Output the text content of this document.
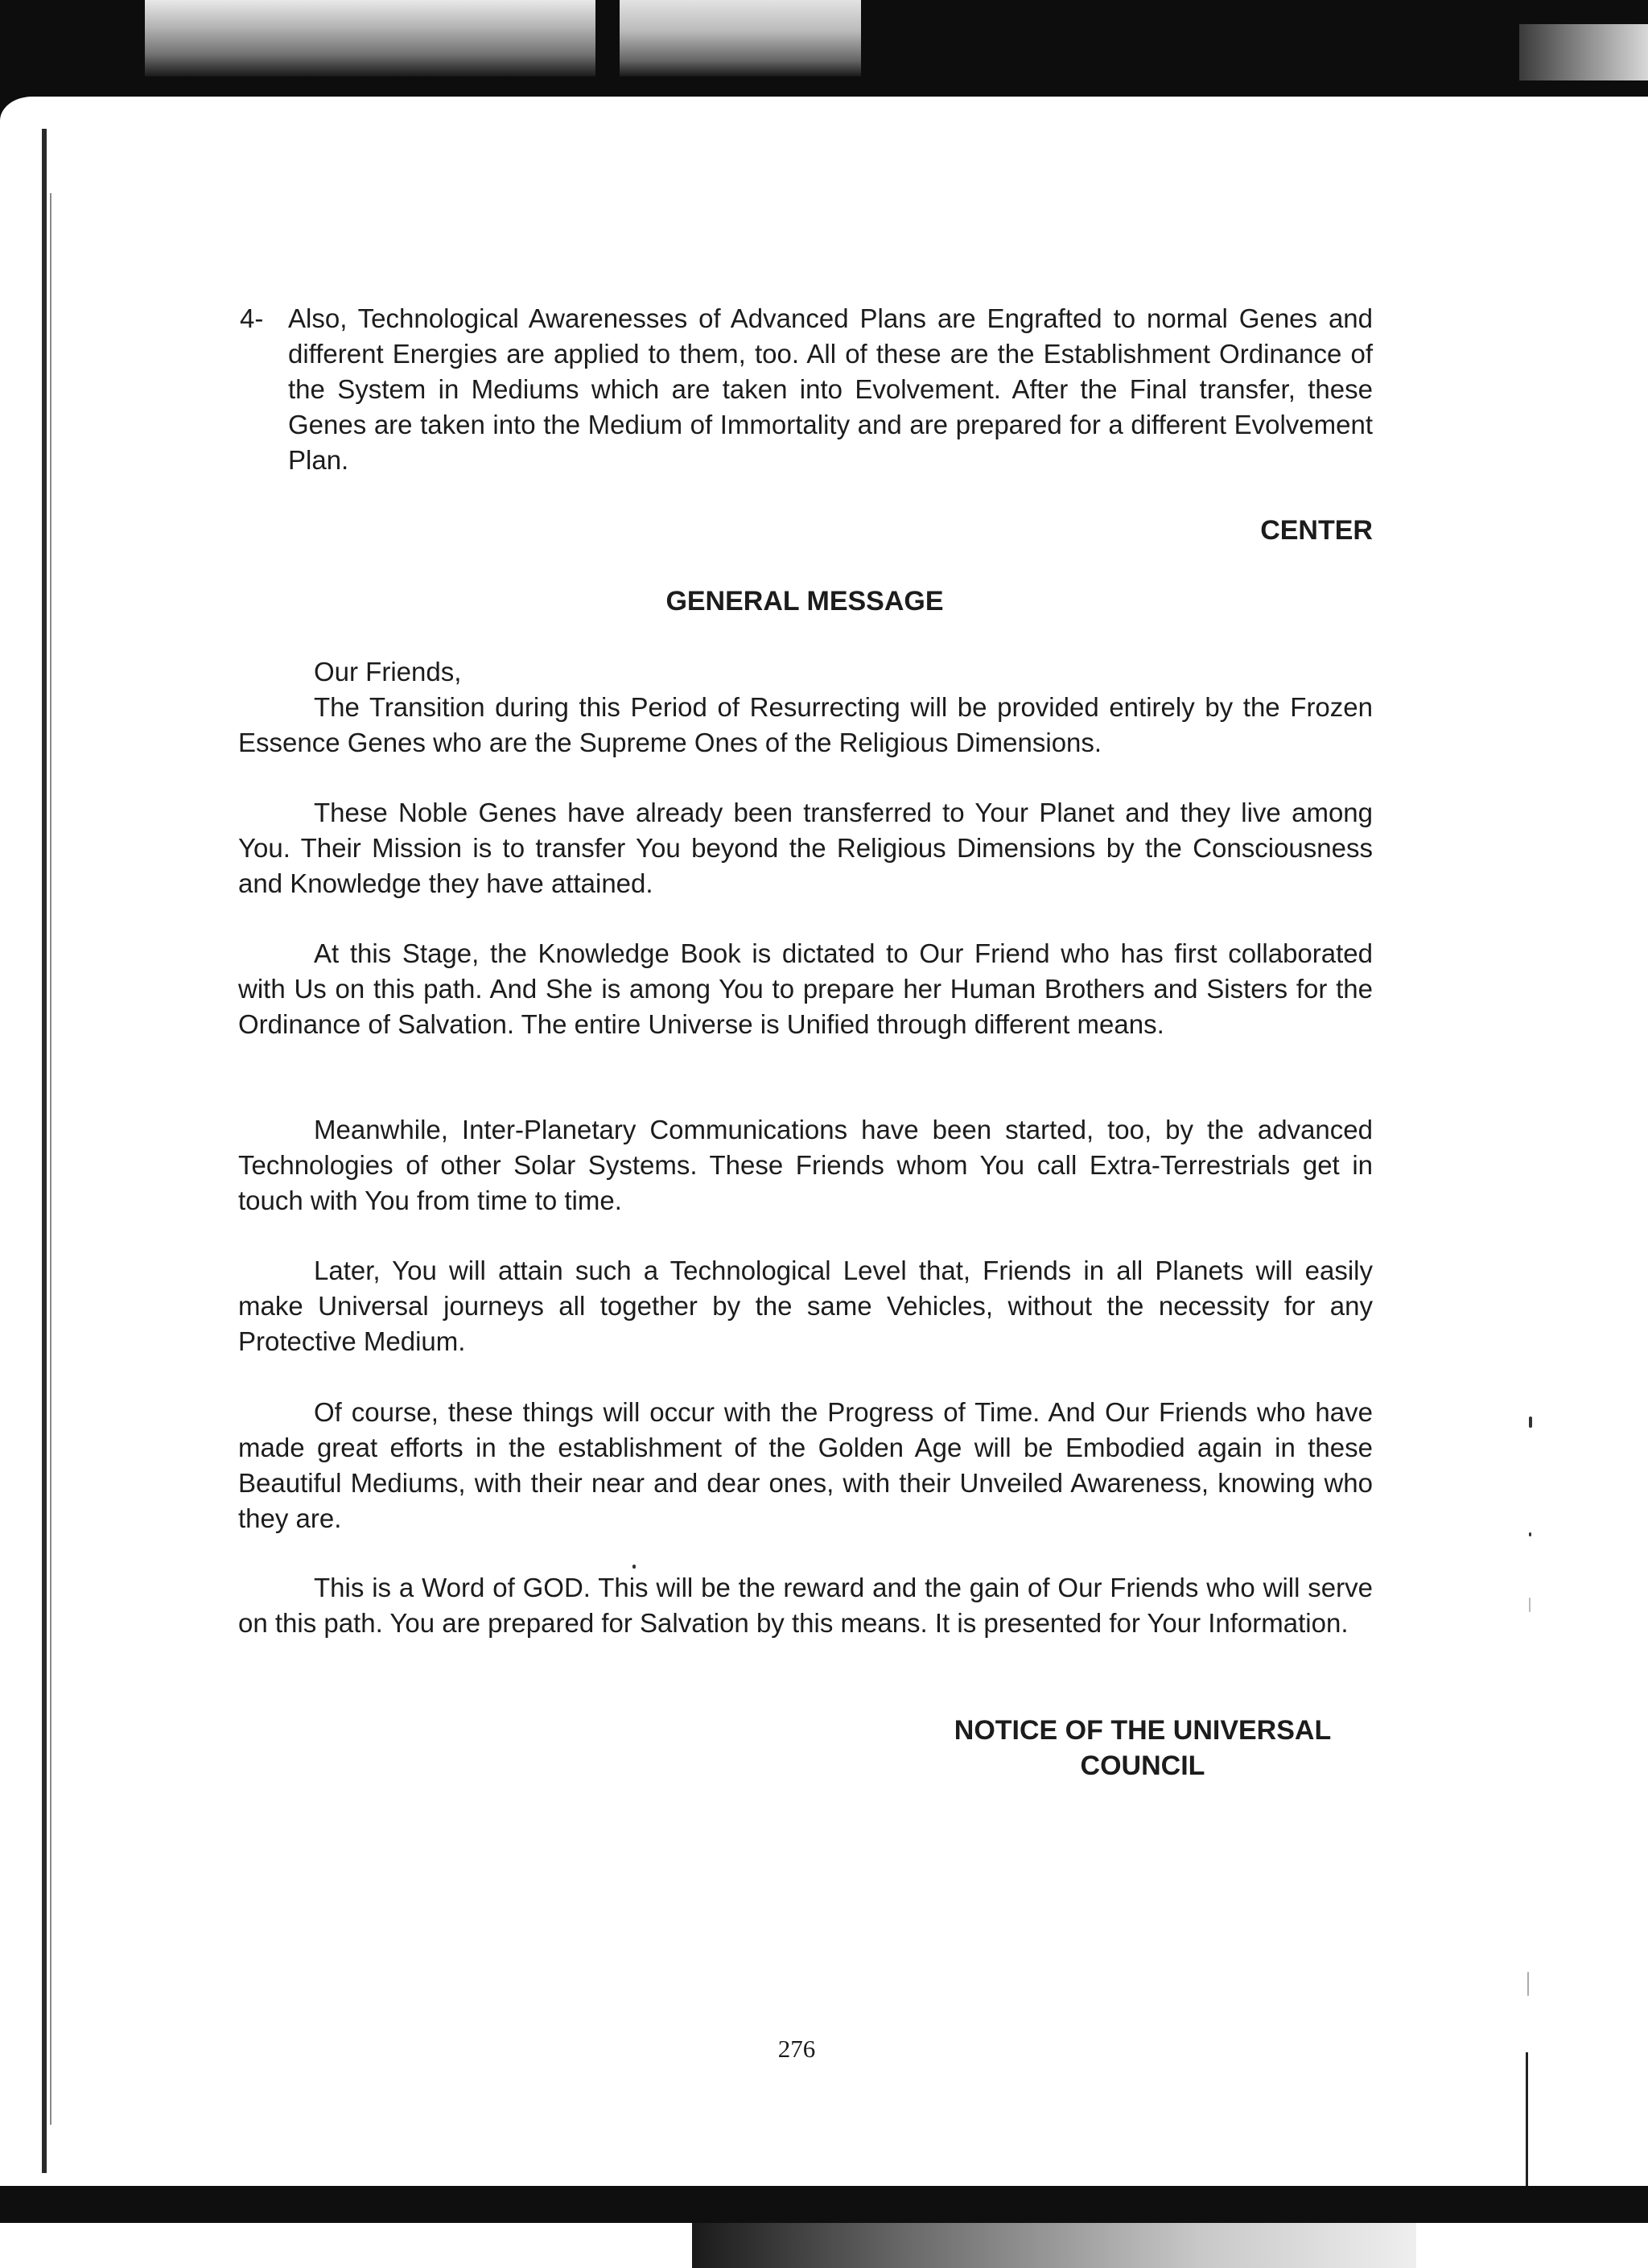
4- Also, Technological Awarenesses of Advanced Plans are Engrafted to normal Genes and different Energies are applied to them, too. All of these are the Establishment Ordinance of the System in Mediums which are taken into Evolvement. After the Final transfer, these Genes are taken into the Medium of Immortality and are prepared for a different Evolvement Plan.
CENTER
GENERAL MESSAGE
Our Friends,
The Transition during this Period of Resurrecting will be provided entirely by the Frozen Essence Genes who are the Supreme Ones of the Religious Dimensions.
These Noble Genes have already been transferred to Your Planet and they live among You. Their Mission is to transfer You beyond the Religious Dimensions by the Consciousness and Knowledge they have attained.
At this Stage, the Knowledge Book is dictated to Our Friend who has first collaborated with Us on this path. And She is among You to prepare her Human Brothers and Sisters for the Ordinance of Salvation. The entire Universe is Unified through different means.
Meanwhile, Inter-Planetary Communications have been started, too, by the advanced Technologies of other Solar Systems. These Friends whom You call Extra-Terrestrials get in touch with You from time to time.
Later, You will attain such a Technological Level that, Friends in all Planets will easily make Universal journeys all together by the same Vehicles, without the necessity for any Protective Medium.
Of course, these things will occur with the Progress of Time. And Our Friends who have made great efforts in the establishment of the Golden Age will be Embodied again in these Beautiful Mediums, with their near and dear ones, with their Unveiled Awareness, knowing who they are.
This is a Word of GOD. This will be the reward and the gain of Our Friends who will serve on this path. You are prepared for Salvation by this means. It is presented for Your Information.
NOTICE OF THE UNIVERSAL
COUNCIL
276
